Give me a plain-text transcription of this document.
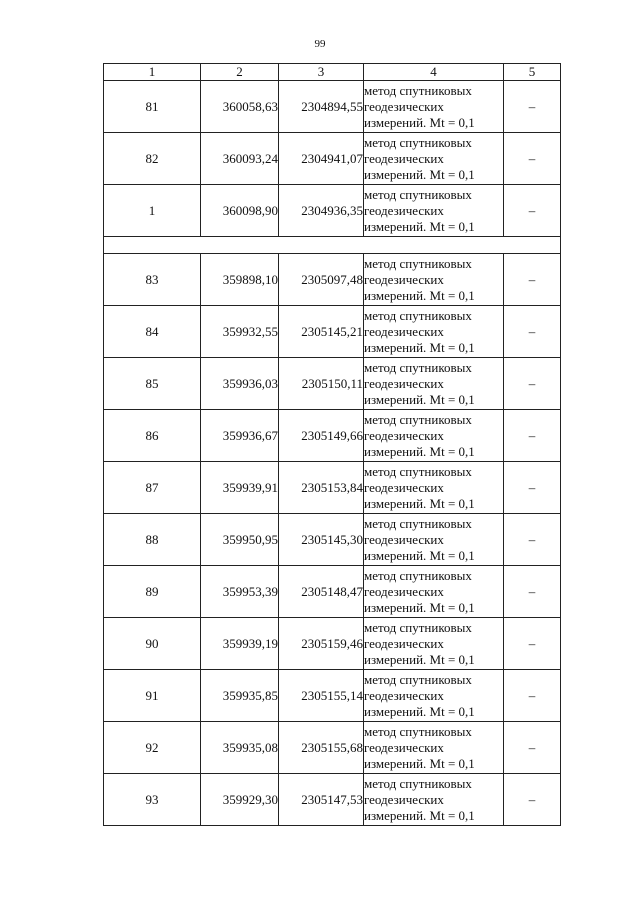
99
1	2	3	4	5
81	360058,63	2304894,55	метод спутниковых
геодезических
измерений. Mt = 0,1	–
82	360093,24	2304941,07	метод спутниковых
геодезических
измерений. Mt = 0,1	–
1	360098,90	2304936,35	метод спутниковых
геодезических
измерений. Mt = 0,1	–

83	359898,10	2305097,48	метод спутниковых
геодезических
измерений. Mt = 0,1	–
84	359932,55	2305145,21	метод спутниковых
геодезических
измерений. Mt = 0,1	–
85	359936,03	2305150,11	метод спутниковых
геодезических
измерений. Mt = 0,1	–
86	359936,67	2305149,66	метод спутниковых
геодезических
измерений. Mt = 0,1	–
87	359939,91	2305153,84	метод спутниковых
геодезических
измерений. Mt = 0,1	–
88	359950,95	2305145,30	метод спутниковых
геодезических
измерений. Mt = 0,1	–
89	359953,39	2305148,47	метод спутниковых
геодезических
измерений. Mt = 0,1	–
90	359939,19	2305159,46	метод спутниковых
геодезических
измерений. Mt = 0,1	–
91	359935,85	2305155,14	метод спутниковых
геодезических
измерений. Mt = 0,1	–
92	359935,08	2305155,68	метод спутниковых
геодезических
измерений. Mt = 0,1	–
93	359929,30	2305147,53	метод спутниковых
геодезических
измерений. Mt = 0,1	–
